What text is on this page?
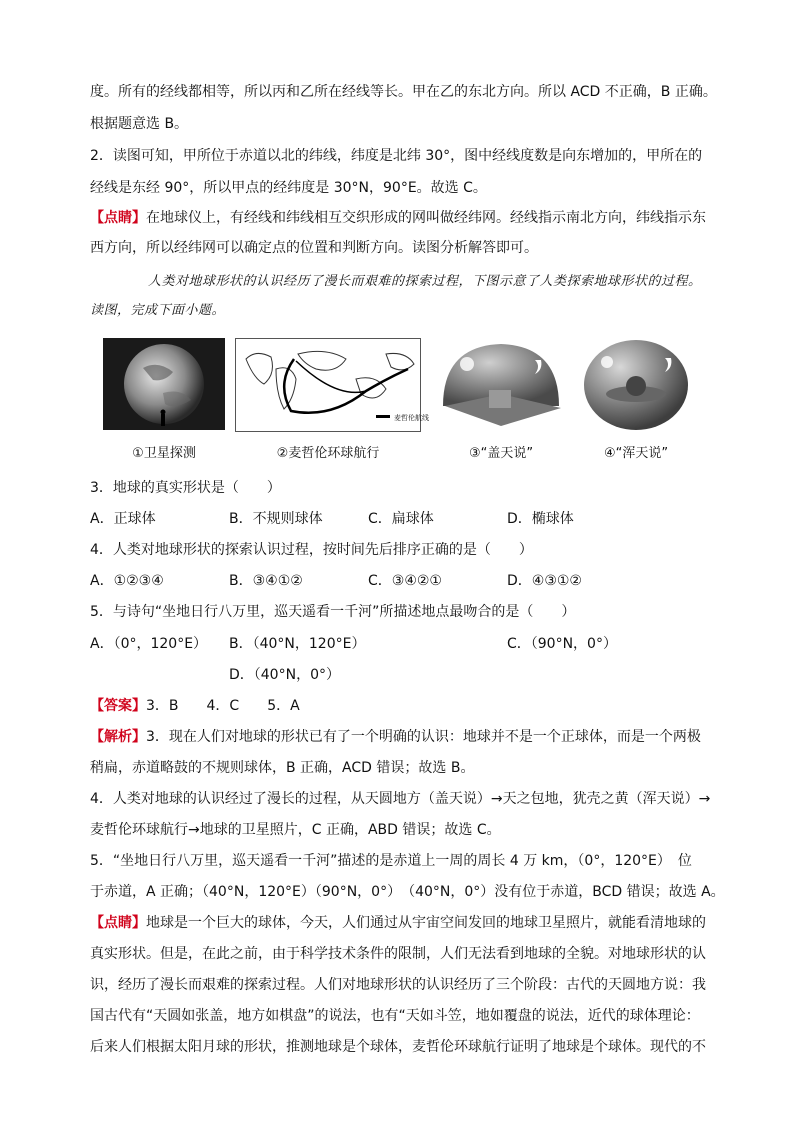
度。所有的经线都相等，所以丙和乙所在经线等长。甲在乙的东北方向。所以 ACD 不正确，B 正确。
根据题意选 B。
2．读图可知，甲所位于赤道以北的纬线，纬度是北纬 30°，图中经线度数是向东增加的，甲所在的
经线是东经 90°，所以甲点的经纬度是 30°N，90°E。故选 C。
【点睛】在地球仪上，有经线和纬线相互交织形成的网叫做经纬网。经线指示南北方向，纬线指示东
西方向，所以经纬网可以确定点的位置和判断方向。读图分析解答即可。
人类对地球形状的认识经历了漫长而艰难的探索过程，下图示意了人类探索地球形状的过程。
读图，完成下面小题。
麦哲伦航线
①卫星探测	②麦哲伦环球航行	③“盖天说”	④“浑天说”
3．地球的真实形状是（　　）
A．正球体	B．不规则球体	C．扁球体	D．椭球体
4．人类对地球形状的探索认识过程，按时间先后排序正确的是（　　）
A．①②③④	B．③④①②	C．③④②①	D．④③①②
5．与诗句“坐地日行八万里，巡天遥看一千河”所描述地点最吻合的是（　　）
A．（0°，120°E） B．（40°N，120°E）	C．（90°N，0°）
D．（40°N，0°）
【答案】3．B　　4．C　　5．A
【解析】3．现在人们对地球的形状已有了一个明确的认识：地球并不是一个正球体，而是一个两极
稍扁，赤道略鼓的不规则球体，B 正确，ACD 错误；故选 B。
4．人类对地球的认识经过了漫长的过程，从天圆地方（盖天说）→天之包地，犹壳之黄（浑天说）→
麦哲伦环球航行→地球的卫星照片，C 正确，ABD 错误；故选 C。
5．“坐地日行八万里，巡天遥看一千河”描述的是赤道上一周的周长 4 万 km，（0°，120°E）　位
于赤道，A 正确；（40°N，120°E）（90°N，0°）　（40°N，0°）没有位于赤道，BCD 错误；故选 A。
【点睛】地球是一个巨大的球体，今天，人们通过从宇宙空间发回的地球卫星照片，就能看清地球的
真实形状。但是，在此之前，由于科学技术条件的限制，人们无法看到地球的全貌。对地球形状的认
识，经历了漫长而艰难的探索过程。人们对地球形状的认识经历了三个阶段：古代的天圆地方说：我
国古代有“天圆如张盖，地方如棋盘”的说法，也有“天如斗笠，地如覆盘的说法，近代的球体理论：
后来人们根据太阳月球的形状，推测地球是个球体，麦哲伦环球航行证明了地球是个球体。现代的不
